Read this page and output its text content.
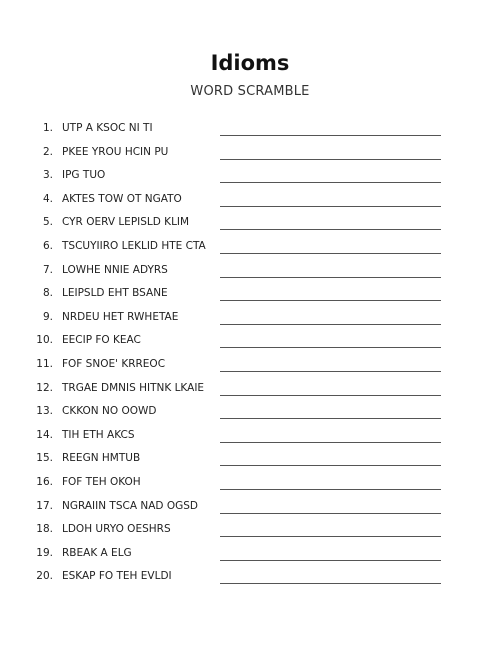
Idioms
WORD SCRAMBLE
1. UTP A KSOC NI TI
2. PKEE YROU HCIN PU
3. IPG TUO
4. AKTES TOW OT NGATO
5. CYR OERV LEPISLD KLIM
6. TSCUYIIRO LEKLID HTE CTA
7. LOWHE NNIE ADYRS
8. LEIPSLD EHT BSANE
9. NRDEU HET RWHETAE
10. EECIP FO KEAC
11. FOF SNOE' KRREOC
12. TRGAE DMNIS HITNK LKAIE
13. CKKON NO OOWD
14. TIH ETH AKCS
15. REEGN HMTUB
16. FOF TEH OKOH
17. NGRAIIN TSCA NAD OGSD
18. LDOH URYO OESHRS
19. RBEAK A ELG
20. ESKAP FO TEH EVLDI
